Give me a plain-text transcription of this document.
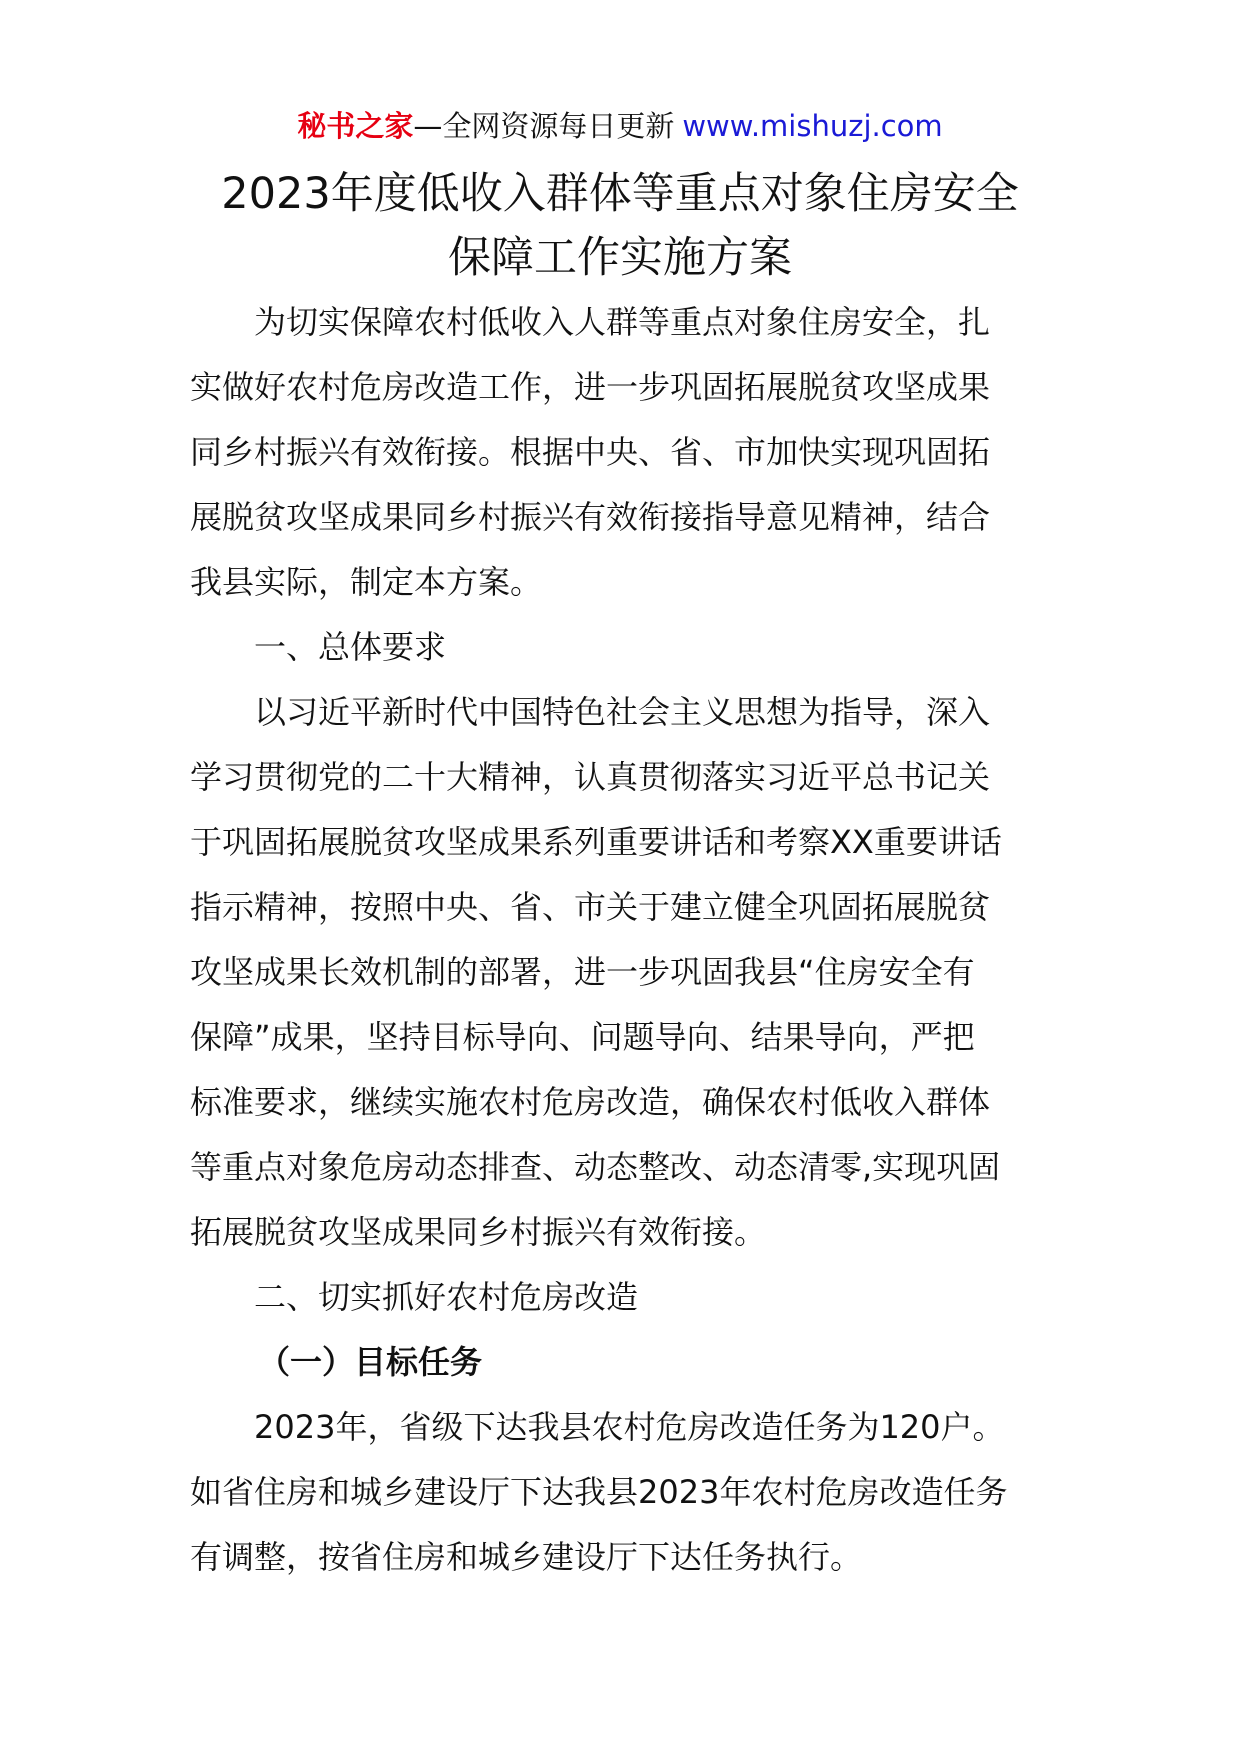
秘书之家—全网资源每日更新 www.mishuzj.com
2023年度低收入群体等重点对象住房安全
保障工作实施方案
为切实保障农村低收入人群等重点对象住房安全，扎
实做好农村危房改造工作，进一步巩固拓展脱贫攻坚成果
同乡村振兴有效衔接。根据中央、省、市加快实现巩固拓
展脱贫攻坚成果同乡村振兴有效衔接指导意见精神，结合
我县实际，制定本方案。
一、总体要求
以习近平新时代中国特色社会主义思想为指导，深入
学习贯彻党的二十大精神，认真贯彻落实习近平总书记关
于巩固拓展脱贫攻坚成果系列重要讲话和考察XX重要讲话
指示精神，按照中央、省、市关于建立健全巩固拓展脱贫
攻坚成果长效机制的部署，进一步巩固我县“住房安全有
保障”成果，坚持目标导向、问题导向、结果导向，严把
标准要求，继续实施农村危房改造，确保农村低收入群体
等重点对象危房动态排查、动态整改、动态清零,实现巩固
拓展脱贫攻坚成果同乡村振兴有效衔接。
二、切实抓好农村危房改造
（一）目标任务
2023年，省级下达我县农村危房改造任务为120户。
如省住房和城乡建设厅下达我县2023年农村危房改造任务
有调整，按省住房和城乡建设厅下达任务执行。
